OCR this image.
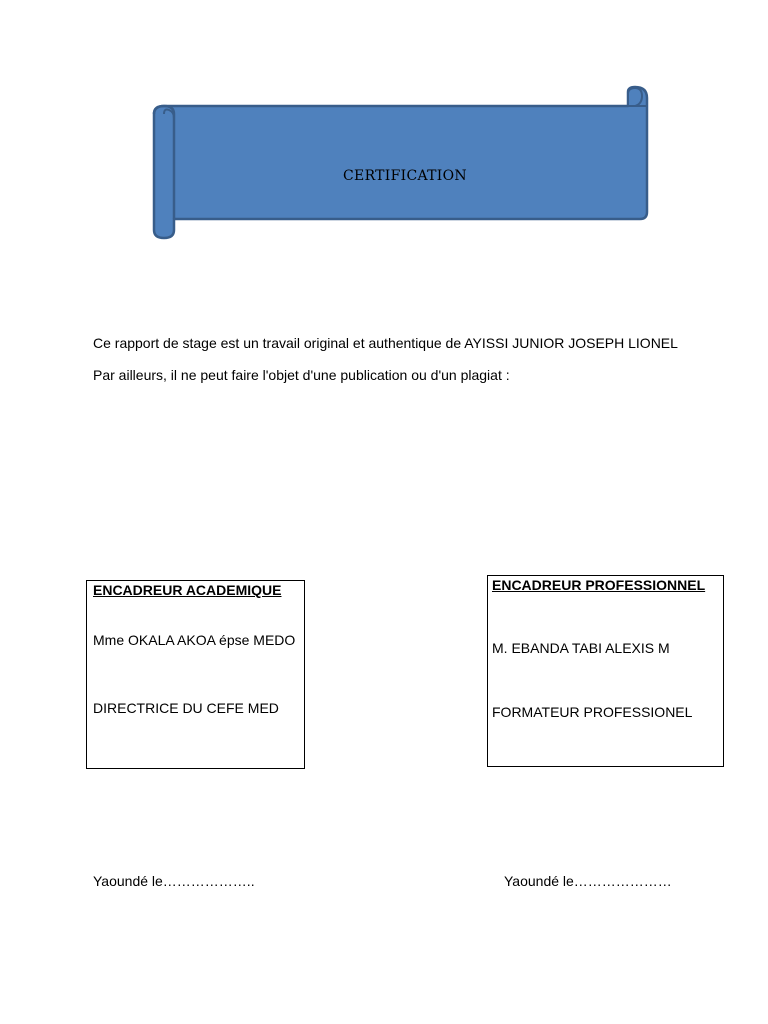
CERTIFICATION
Ce rapport de stage est un travail original et authentique de AYISSI JUNIOR JOSEPH LIONEL
Par ailleurs, il ne peut faire l'objet d'une publication ou d'un plagiat :
ENCADREUR ACADEMIQUE
Mme OKALA AKOA épse MEDO
DIRECTRICE DU CEFE MED
ENCADREUR PROFESSIONNEL
M. EBANDA TABI ALEXIS M
FORMATEUR PROFESSIONEL
Yaoundé le………………..	Yaoundé le…………………
